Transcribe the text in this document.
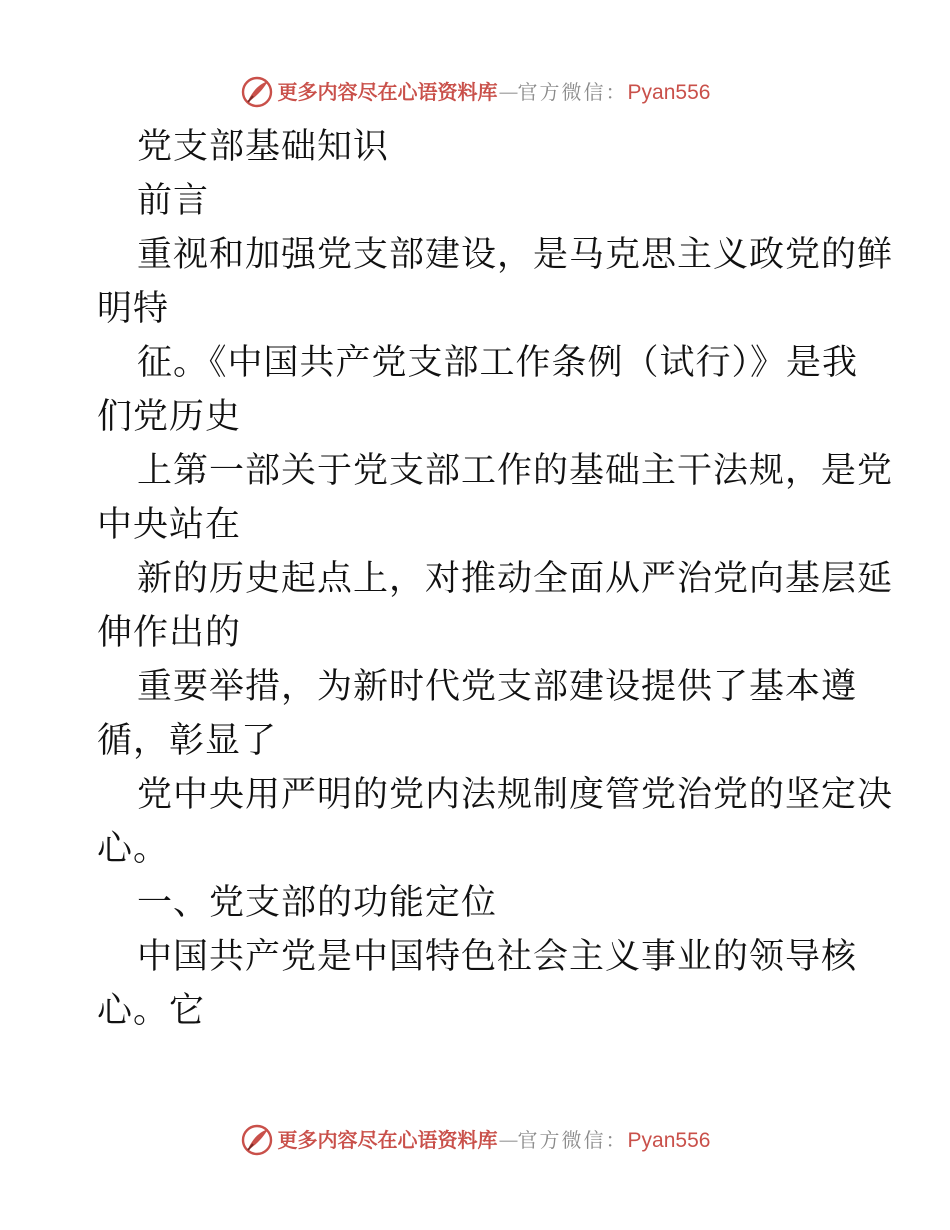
更多内容尽在心语资料库 — 官方微信： Pyan556
党支部基础知识
前言
重视和加强党支部建设，是马克思主义政党的鲜
明特
征。《中国共产党支部工作条例（试行）》是我
们党历史
上第一部关于党支部工作的基础主干法规，是党
中央站在
新的历史起点上，对推动全面从严治党向基层延
伸作出的
重要举措，为新时代党支部建设提供了基本遵
循，彰显了
党中央用严明的党内法规制度管党治党的坚定决
心。
一、党支部的功能定位
中国共产党是中国特色社会主义事业的领导核
心。它
更多内容尽在心语资料库 — 官方微信： Pyan556
